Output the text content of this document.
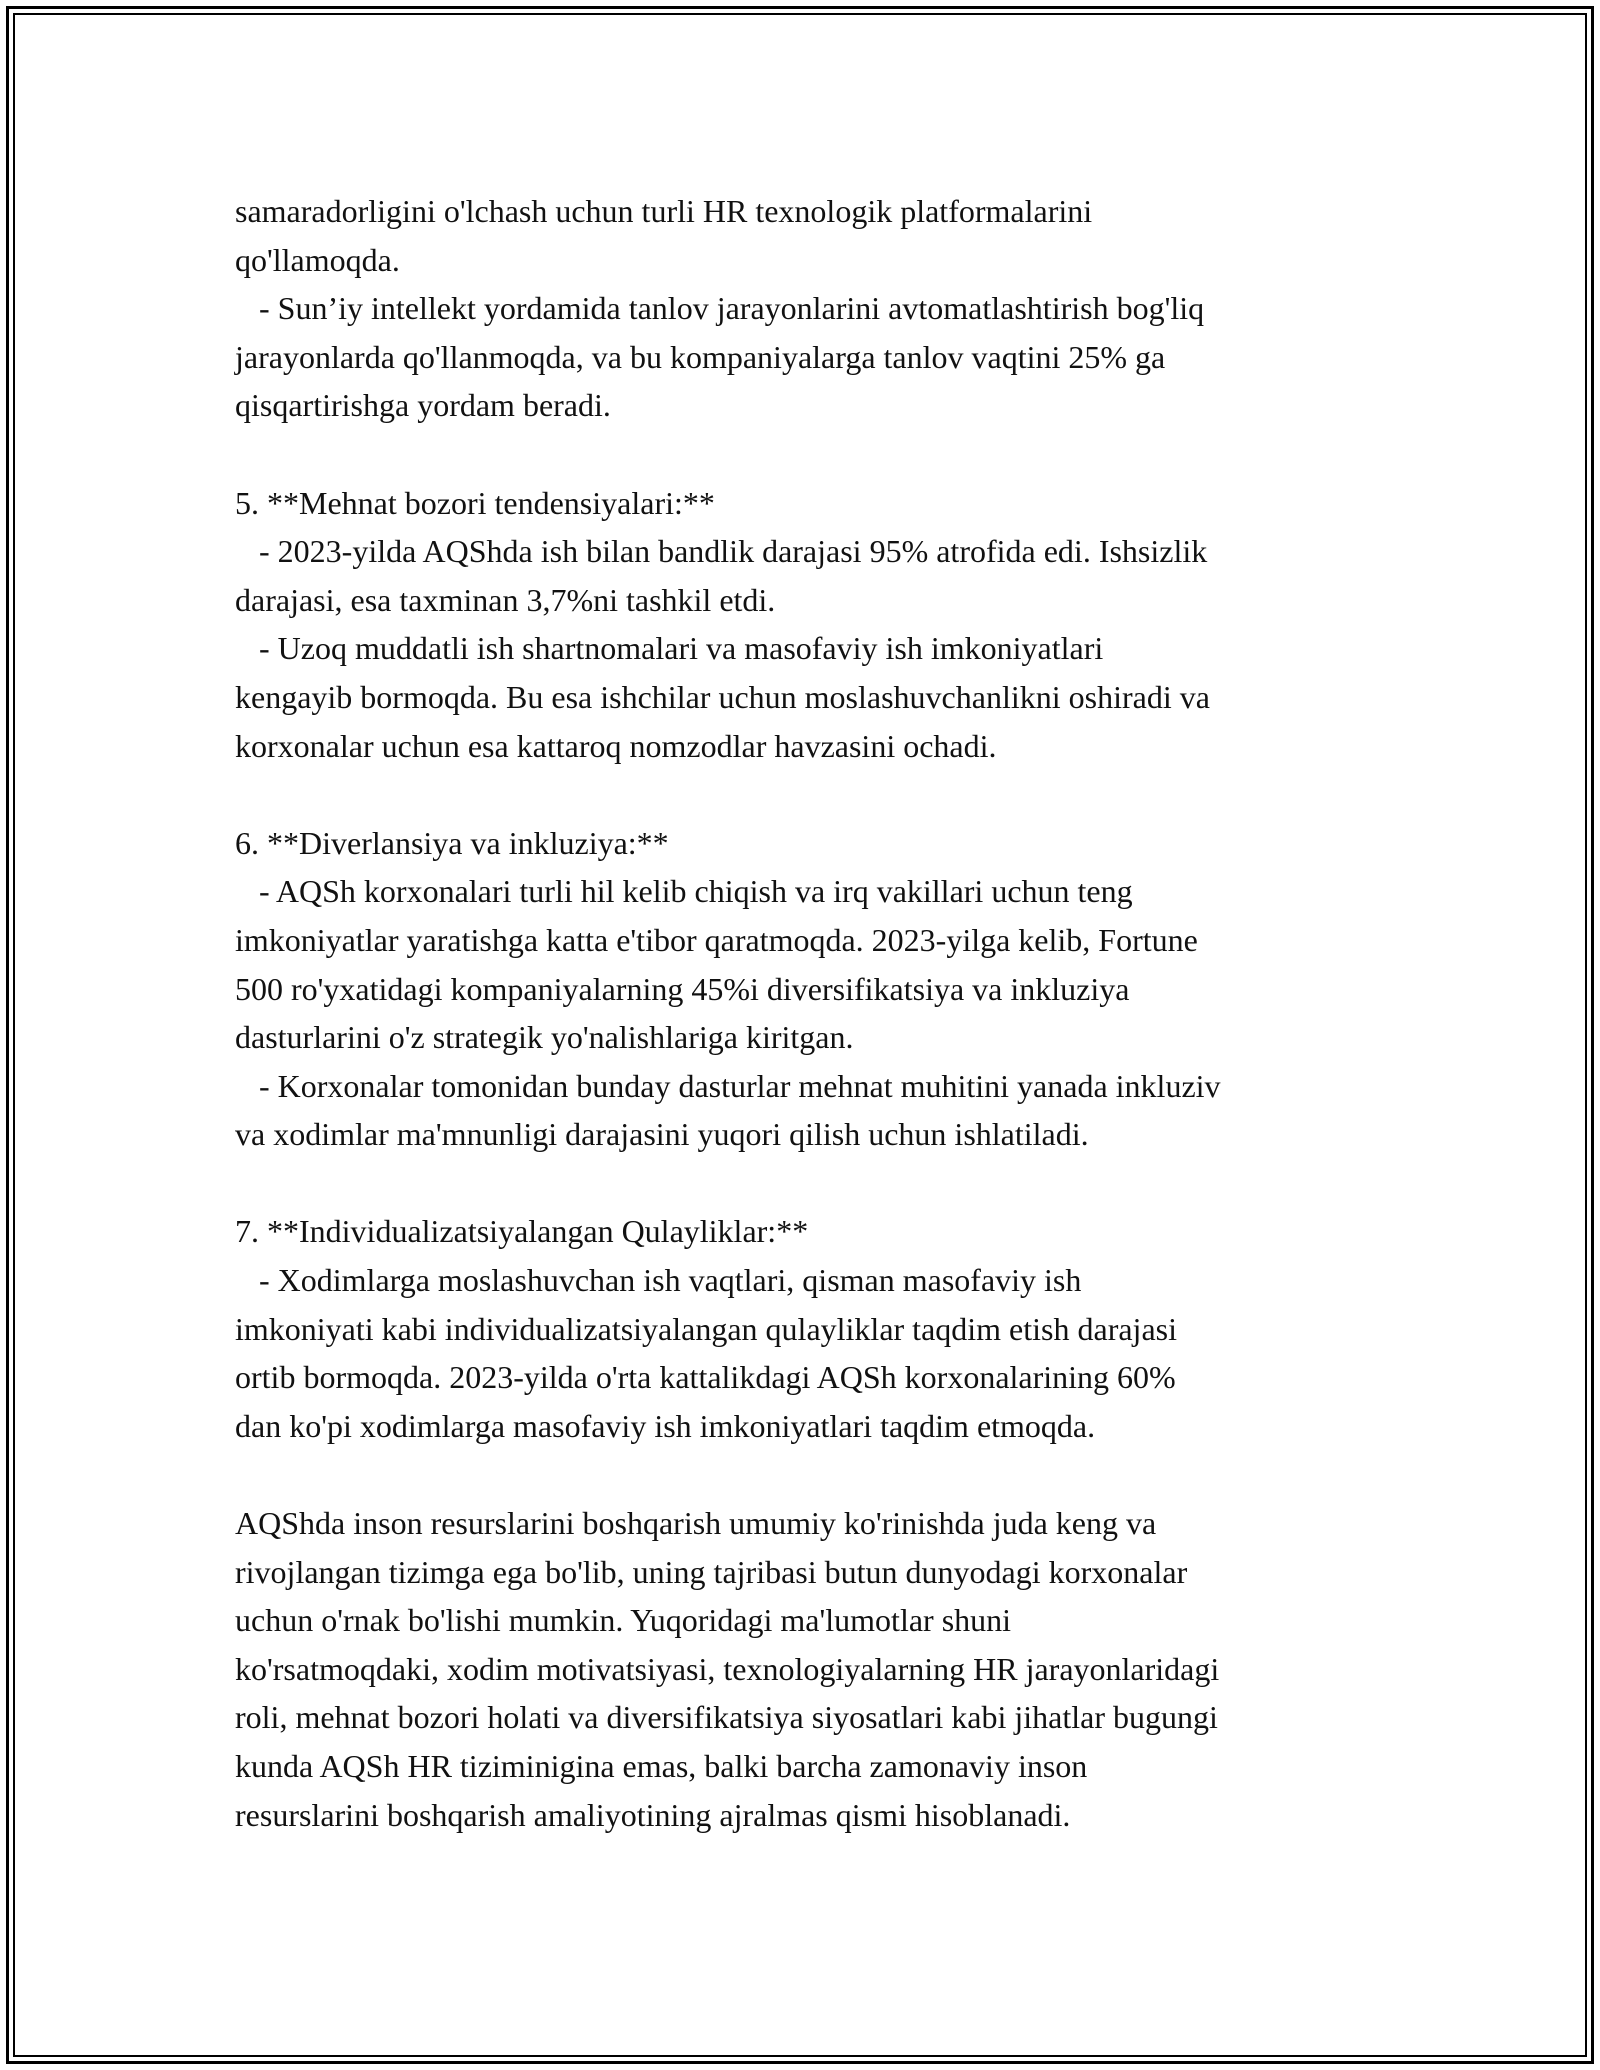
samaradorligini o'lchash uchun turli HR texnologik platformalarini
qo'llamoqda.
- Sun’iy intellekt yordamida tanlov jarayonlarini avtomatlashtirish bog'liq
jarayonlarda qo'llanmoqda, va bu kompaniyalarga tanlov vaqtini 25% ga
qisqartirishga yordam beradi.
5. **Mehnat bozori tendensiyalari:**
- 2023-yilda AQShda ish bilan bandlik darajasi 95% atrofida edi. Ishsizlik
darajasi, esa taxminan 3,7%ni tashkil etdi.
- Uzoq muddatli ish shartnomalari va masofaviy ish imkoniyatlari
kengayib bormoqda. Bu esa ishchilar uchun moslashuvchanlikni oshiradi va
korxonalar uchun esa kattaroq nomzodlar havzasini ochadi.
6. **Diverlansiya va inkluziya:**
- AQSh korxonalari turli hil kelib chiqish va irq vakillari uchun teng
imkoniyatlar yaratishga katta e'tibor qaratmoqda. 2023-yilga kelib, Fortune
500 ro'yxatidagi kompaniyalarning 45%i diversifikatsiya va inkluziya
dasturlarini o'z strategik yo'nalishlariga kiritgan.
- Korxonalar tomonidan bunday dasturlar mehnat muhitini yanada inkluziv
va xodimlar ma'mnunligi darajasini yuqori qilish uchun ishlatiladi.
7. **Individualizatsiyalangan Qulayliklar:**
- Xodimlarga moslashuvchan ish vaqtlari, qisman masofaviy ish
imkoniyati kabi individualizatsiyalangan qulayliklar taqdim etish darajasi
ortib bormoqda. 2023-yilda o'rta kattalikdagi AQSh korxonalarining 60%
dan ko'pi xodimlarga masofaviy ish imkoniyatlari taqdim etmoqda.
AQShda inson resurslarini boshqarish umumiy ko'rinishda juda keng va
rivojlangan tizimga ega bo'lib, uning tajribasi butun dunyodagi korxonalar
uchun o'rnak bo'lishi mumkin. Yuqoridagi ma'lumotlar shuni
ko'rsatmoqdaki, xodim motivatsiyasi, texnologiyalarning HR jarayonlaridagi
roli, mehnat bozori holati va diversifikatsiya siyosatlari kabi jihatlar bugungi
kunda AQSh HR tiziminigina emas, balki barcha zamonaviy inson
resurslarini boshqarish amaliyotining ajralmas qismi hisoblanadi.
